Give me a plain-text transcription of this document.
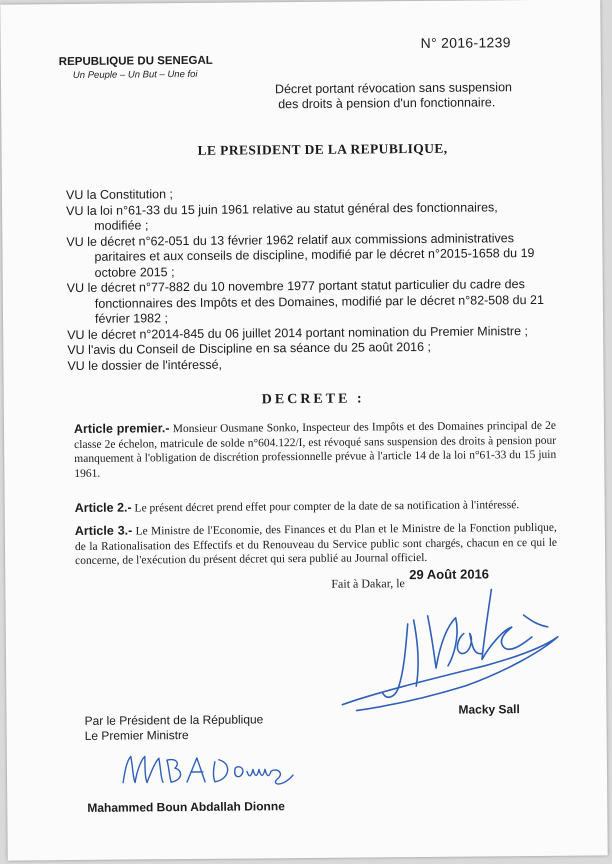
N° 2016-1239
REPUBLIQUE DU SENEGAL
Un Peuple – Un But – Une foi
Décret portant révocation sans suspension
des droits à pension d'un fonctionnaire.
LE PRESIDENT DE LA REPUBLIQUE,

VU la Constitution ;

VU la loi n°61-33 du 15 juin 1961 relative au statut général des fonctionnaires, modifiée ;

VU le décret n°62-051 du 13 février 1962 relatif aux commissions administratives paritaires et aux conseils de discipline, modifié par le décret n°2015-1658 du 19 octobre 2015 ;

VU le décret n°77-882 du 10 novembre 1977 portant statut particulier du cadre des fonctionnaires des Impôts et des Domaines, modifié par le décret n°82-508 du 21 février 1982 ;

VU le décret n°2014-845 du 06 juillet 2014 portant nomination du Premier Ministre ;

VU l'avis du Conseil de Discipline en sa séance du 25 août 2016 ;

VU le dossier de l'intéressé,

DECRETE :
Article premier.- Monsieur Ousmane Sonko, Inspecteur des Impôts et des Domaines principal de 2e classe 2e échelon, matricule de solde n°604.122/I, est révoqué sans suspension des droits à pension pour manquement à l'obligation de discrétion professionnelle prévue à l'article 14 de la loi n°61-33 du 15 juin 1961.
Article 2.- Le présent décret prend effet pour compter de la date de sa notification à l'intéressé.
Article 3.- Le Ministre de l'Economie, des Finances et du Plan et le Ministre de la Fonction publique, de la Rationalisation des Effectifs et du Renouveau du Service public sont chargés, chacun en ce qui le concerne, de l'exécution du présent décret qui sera publié au Journal officiel.
Fait à Dakar, le
29 Août 2016
Macky Sall
Par le Président de la République
Le Premier Ministre
Mahammed Boun Abdallah Dionne
